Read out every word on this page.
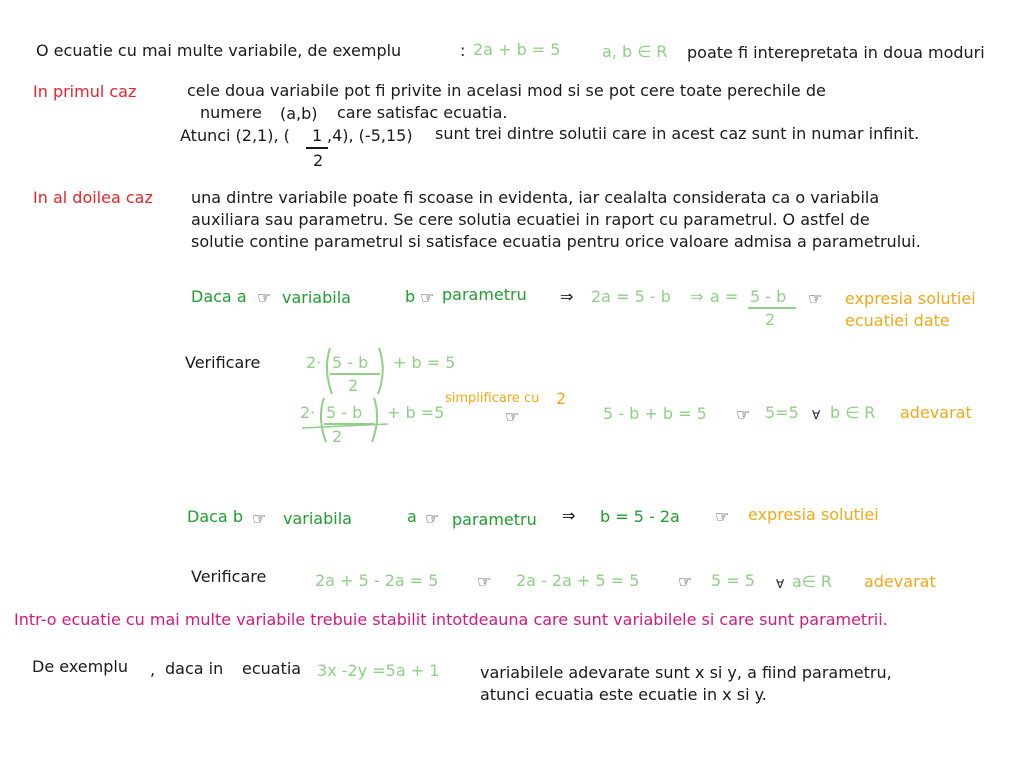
O ecuatie cu mai multe variabile, de exemplu	: 2a + b = 5	a, b ∈ R poate fi interepretata in doua moduri
In primul caz	cele doua variabile pot fi privite in acelasi mod si se pot cere toate perechile de
numere (a,b) care satisfac ecuatia.
Atunci (2,1), ( 1
2
,4), (-5,15) sunt trei dintre solutii care in acest caz sunt in numar infinit.
In al doilea caz una dintre variabile poate fi scoase in evidenta, iar cealalta considerata ca o variabila
auxiliara sau parametru. Se cere solutia ecuatiei in raport cu parametrul. O astfel de
solutie contine parametrul si satisface ecuatia pentru orice valoare admisa a parametrului.
Daca a ☞ variabila	b ☞ parametru ⇒ 2a = 5 - b ⇒ a = 5 - b
2
☞ expresia solutiei
ecuatiei date
Verificare	2· 5 - b
2
+ b = 5
2· 5 - b
2
+ b =5
simplificare cu 2
☞	5 - b + b = 5 ☞ 5=5 ∀ b ∈ R adevarat
Daca b ☞ variabila	a ☞ parametru ⇒ b = 5 - 2a ☞ expresia solutiei
Verificare	2a + 5 - 2a = 5 ☞ 2a - 2a + 5 = 5 ☞ 5 = 5 ∀ a∈ R adevarat
Intr-o ecuatie cu mai multe variabile trebuie stabilit intotdeauna care sunt variabilele si care sunt parametrii.
De exemplu , daca in ecuatia 3x -2y =5a + 1	variabilele adevarate sunt x si y, a fiind parametru,
atunci ecuatia este ecuatie in x si y.
